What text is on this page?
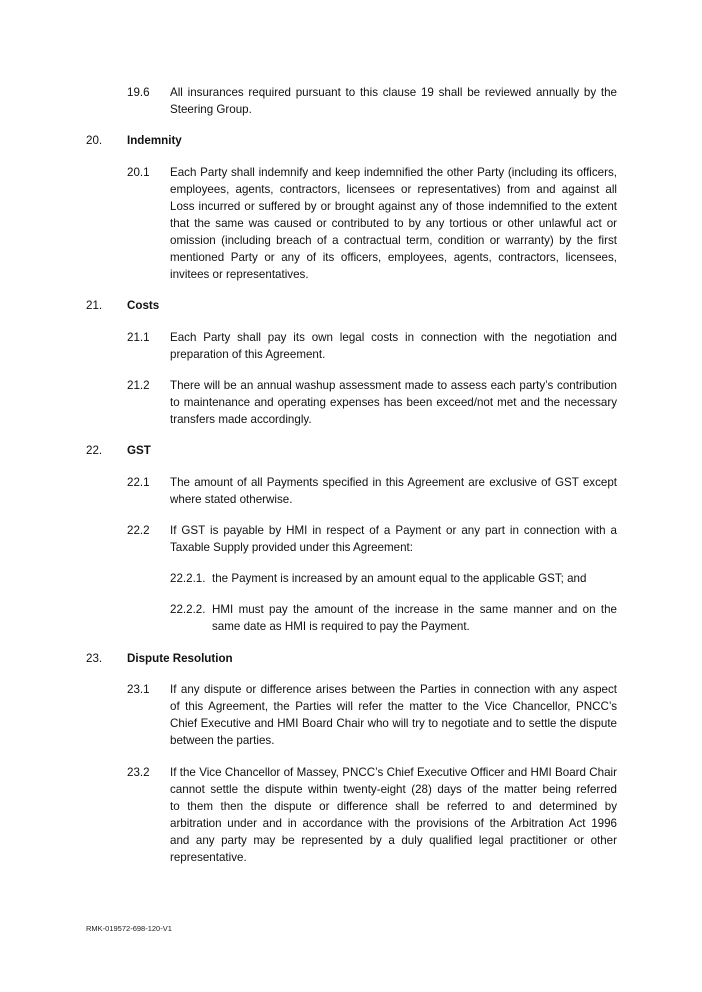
19.6 All insurances required pursuant to this clause 19 shall be reviewed annually by the
Steering Group.
20. Indemnity
20.1 Each Party shall indemnify and keep indemnified the other Party (including its officers,
employees, agents, contractors, licensees or representatives) from and against all
Loss incurred or suffered by or brought against any of those indemnified to the extent
that the same was caused or contributed to by any tortious or other unlawful act or
omission (including breach of a contractual term, condition or warranty) by the first
mentioned Party or any of its officers, employees, agents, contractors, licensees,
invitees or representatives.
21. Costs
21.1 Each Party shall pay its own legal costs in connection with the negotiation and
preparation of this Agreement.
21.2 There will be an annual washup assessment made to assess each party’s contribution
to maintenance and operating expenses has been exceed/not met and the necessary
transfers made accordingly.
22. GST
22.1 The amount of all Payments specified in this Agreement are exclusive of GST except
where stated otherwise.
22.2 If GST is payable by HMI in respect of a Payment or any part in connection with a
Taxable Supply provided under this Agreement:
22.2.1. the Payment is increased by an amount equal to the applicable GST; and
22.2.2. HMI must pay the amount of the increase in the same manner and on the
same date as HMI is required to pay the Payment.
23. Dispute Resolution
23.1 If any dispute or difference arises between the Parties in connection with any aspect
of this Agreement, the Parties will refer the matter to the Vice Chancellor, PNCC’s
Chief Executive and HMI Board Chair who will try to negotiate and to settle the dispute
between the parties.
23.2 If the Vice Chancellor of Massey, PNCC’s Chief Executive Officer and HMI Board Chair
cannot settle the dispute within twenty-eight (28) days of the matter being referred
to them then the dispute or difference shall be referred to and determined by
arbitration under and in accordance with the provisions of the Arbitration Act 1996
and any party may be represented by a duly qualified legal practitioner or other
representative.
RMK-019572-698-120-V1
